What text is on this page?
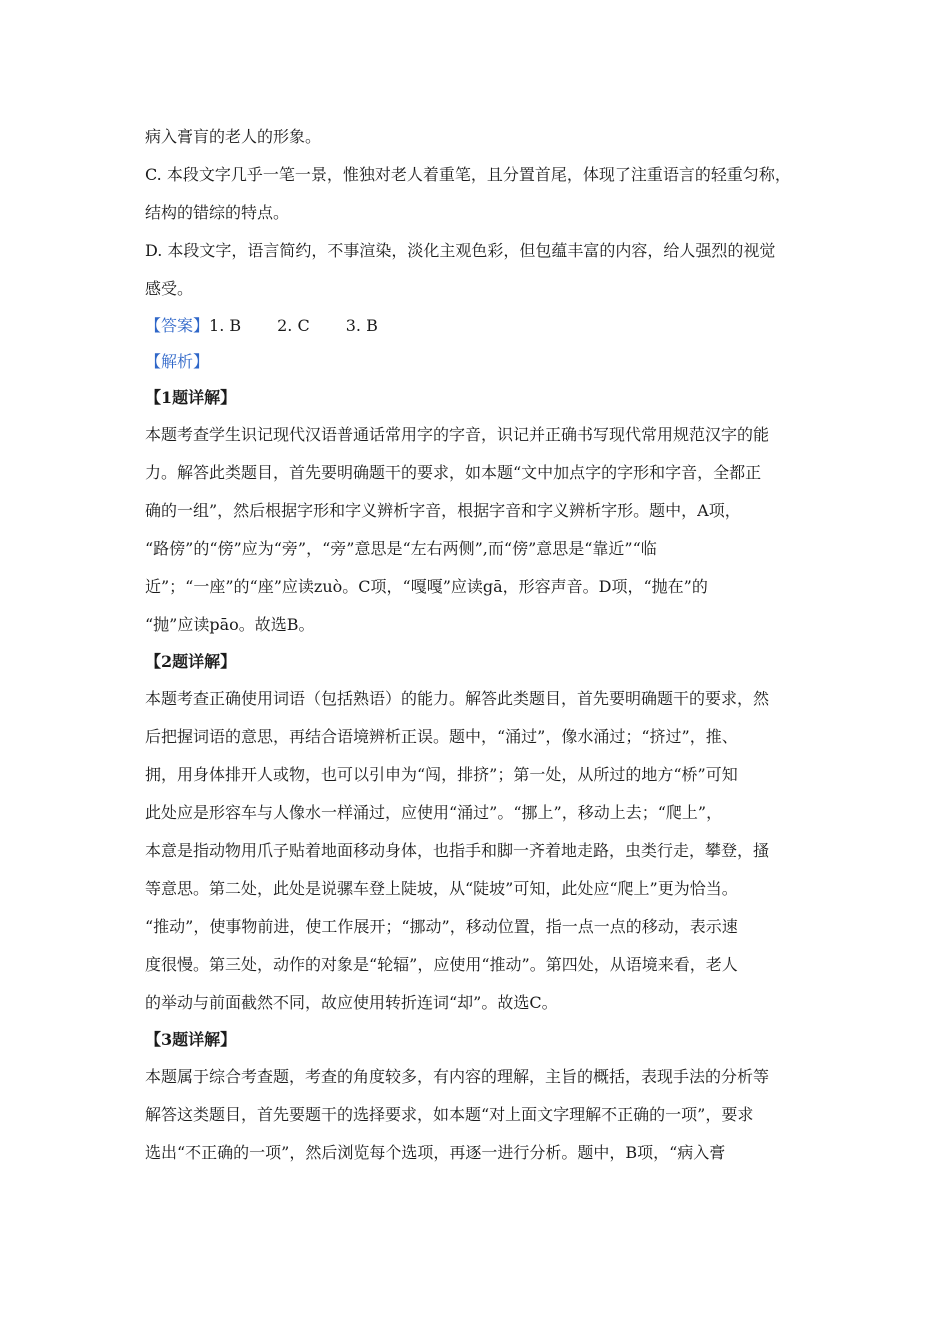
病入膏肓的老人的形象。
C. 本段文字几乎一笔一景，惟独对老人着重笔，且分置首尾，体现了注重语言的轻重匀称，
结构的错综的特点。
D. 本段文字，语言简约，不事渲染，淡化主观色彩，但包蕴丰富的内容，给人强烈的视觉
感受。
【答案】1. B 2. C 3. B
【解析】
【1题详解】
本题考查学生识记现代汉语普通话常用字的字音，识记并正确书写现代常用规范汉字的能
力。解答此类题目，首先要明确题干的要求，如本题“文中加点字的字形和字音，全都正
确的一组”，然后根据字形和字义辨析字音，根据字音和字义辨析字形。题中，A项，
“路傍”的“傍”应为“旁”，“旁”意思是“左右两侧”,而“傍”意思是“靠近”“临
近”；“一座”的“座”应读zuò。C项，“嘎嘎”应读gā，形容声音。D项，“抛在”的
“抛”应读pāo。故选B。
【2题详解】
本题考查正确使用词语（包括熟语）的能力。解答此类题目，首先要明确题干的要求，然
后把握词语的意思，再结合语境辨析正误。题中，“涌过”，像水涌过；“挤过”，推、
拥，用身体排开人或物，也可以引申为“闯，排挤”；第一处，从所过的地方“桥”可知
此处应是形容车与人像水一样涌过，应使用“涌过”。“挪上”，移动上去；“爬上”，
本意是指动物用爪子贴着地面移动身体，也指手和脚一齐着地走路，虫类行走，攀登，搔
等意思。第二处，此处是说骡车登上陡坡，从“陡坡”可知，此处应“爬上”更为恰当。
“推动”，使事物前进，使工作展开；“挪动”，移动位置，指一点一点的移动，表示速
度很慢。第三处，动作的对象是“轮辐”，应使用“推动”。第四处，从语境来看，老人
的举动与前面截然不同，故应使用转折连词“却”。故选C。
【3题详解】
本题属于综合考查题，考查的角度较多，有内容的理解，主旨的概括，表现手法的分析等
解答这类题目，首先要题干的选择要求，如本题“对上面文字理解不正确的一项”，要求
选出“不正确的一项”，然后浏览每个选项，再逐一进行分析。题中，B项，“病入膏
